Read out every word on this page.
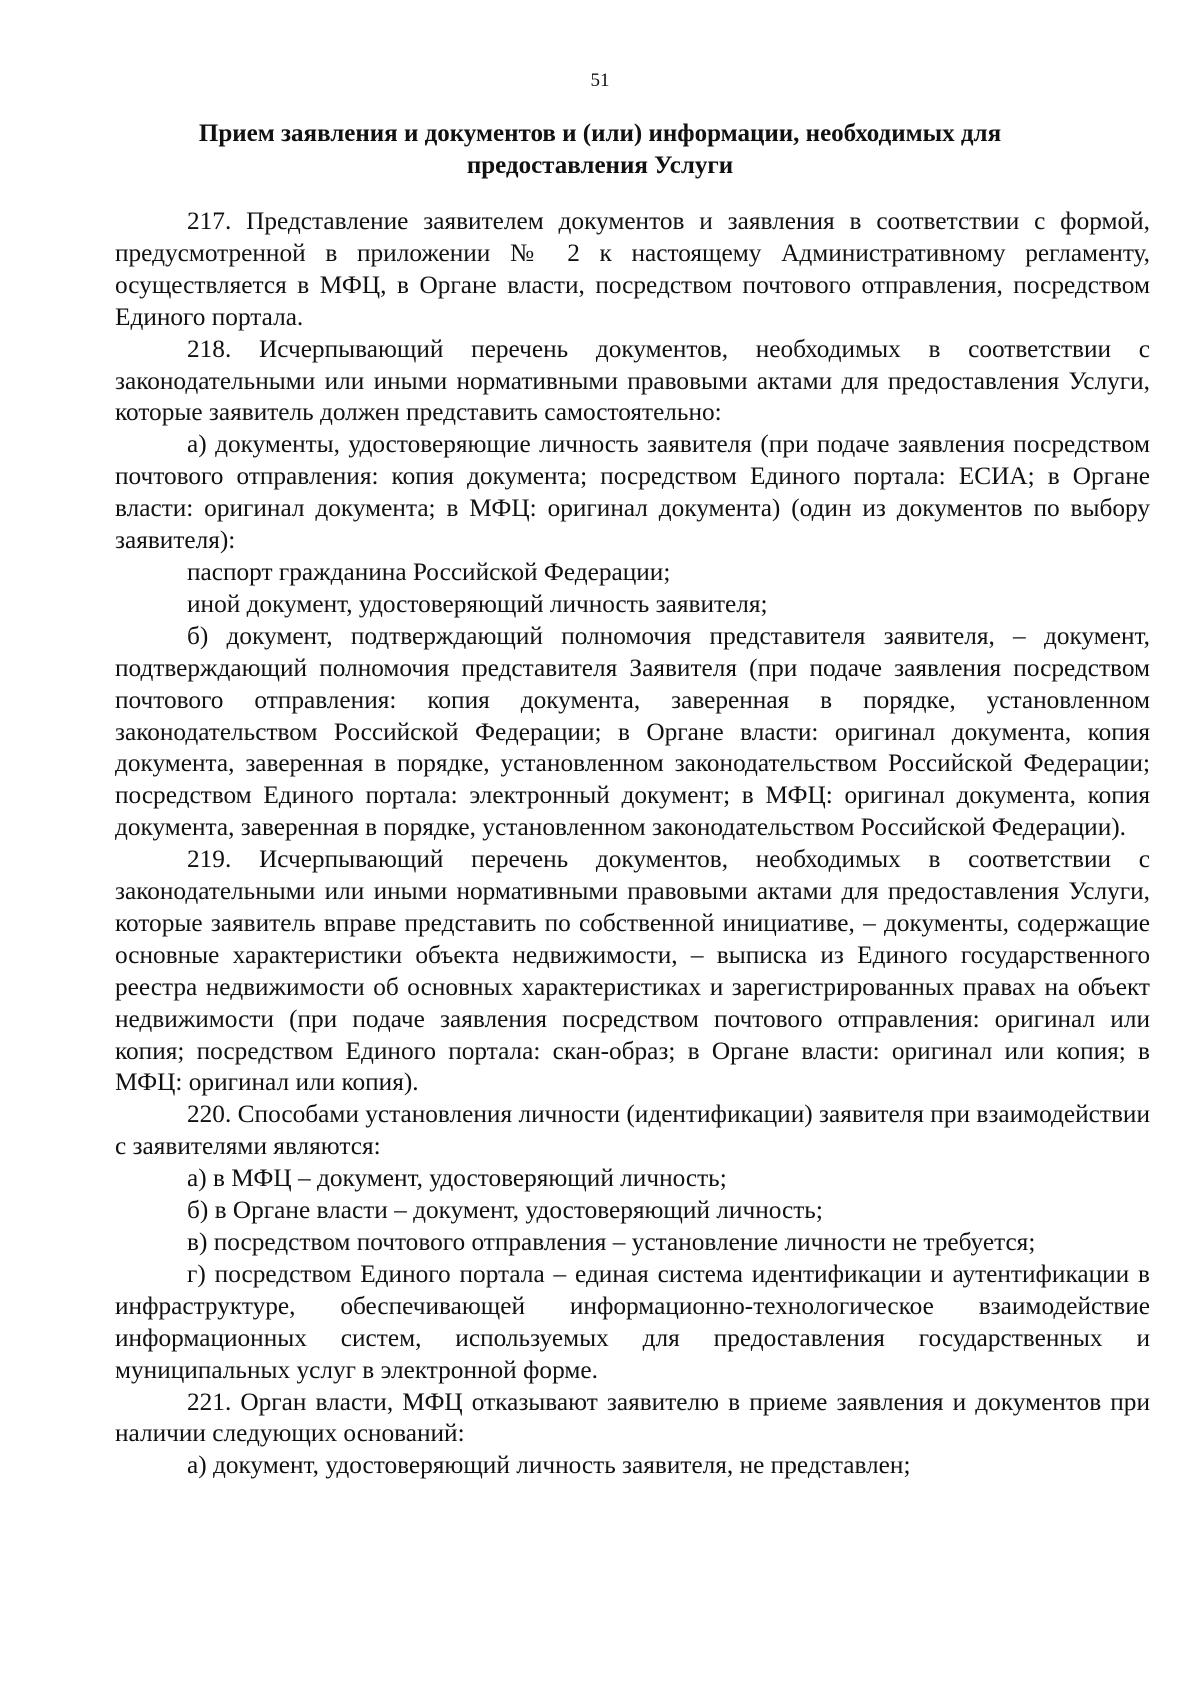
51
Прием заявления и документов и (или) информации, необходимых для
предоставления Услуги

217. Представление заявителем документов и заявления в соответствии с формой, предусмотренной в приложении № 2 к настоящему Административному регламенту, осуществляется в МФЦ, в Органе власти, посредством почтового отправления, посредством Единого портала.

218. Исчерпывающий перечень документов, необходимых в соответствии с законодательными или иными нормативными правовыми актами для предоставления Услуги, которые заявитель должен представить самостоятельно:

а) документы, удостоверяющие личность заявителя (при подаче заявления посредством почтового отправления: копия документа; посредством Единого портала: ЕСИА; в Органе власти: оригинал документа; в МФЦ: оригинал документа) (один из документов по выбору заявителя):

паспорт гражданина Российской Федерации;

иной документ, удостоверяющий личность заявителя;

б) документ, подтверждающий полномочия представителя заявителя, – документ, подтверждающий полномочия представителя Заявителя (при подаче заявления посредством почтового отправления: копия документа, заверенная в порядке, установленном законодательством Российской Федерации; в Органе власти: оригинал документа, копия документа, заверенная в порядке, установленном законодательством Российской Федерации; посредством Единого портала: электронный документ; в МФЦ: оригинал документа, копия документа, заверенная в порядке, установленном законодательством Российской Федерации).

219. Исчерпывающий перечень документов, необходимых в соответствии с законодательными или иными нормативными правовыми актами для предоставления Услуги, которые заявитель вправе представить по собственной инициативе, – документы, содержащие основные характеристики объекта недвижимости, – выписка из Единого государственного реестра недвижимости об основных характеристиках и зарегистрированных правах на объект недвижимости (при подаче заявления посредством почтового отправления: оригинал или копия; посредством Единого портала: скан-образ; в Органе власти: оригинал или копия; в МФЦ: оригинал или копия).

220. Способами установления личности (идентификации) заявителя при взаимодействии с заявителями являются:

а) в МФЦ – документ, удостоверяющий личность;

б) в Органе власти – документ, удостоверяющий личность;

в) посредством почтового отправления – установление личности не требуется;

г) посредством Единого портала – единая система идентификации и аутентификации в инфраструктуре, обеспечивающей информационно-технологическое взаимодействие информационных систем, используемых для предоставления государственных и муниципальных услуг в электронной форме.

221. Орган власти, МФЦ отказывают заявителю в приеме заявления и документов при наличии следующих оснований:

а) документ, удостоверяющий личность заявителя, не представлен;
